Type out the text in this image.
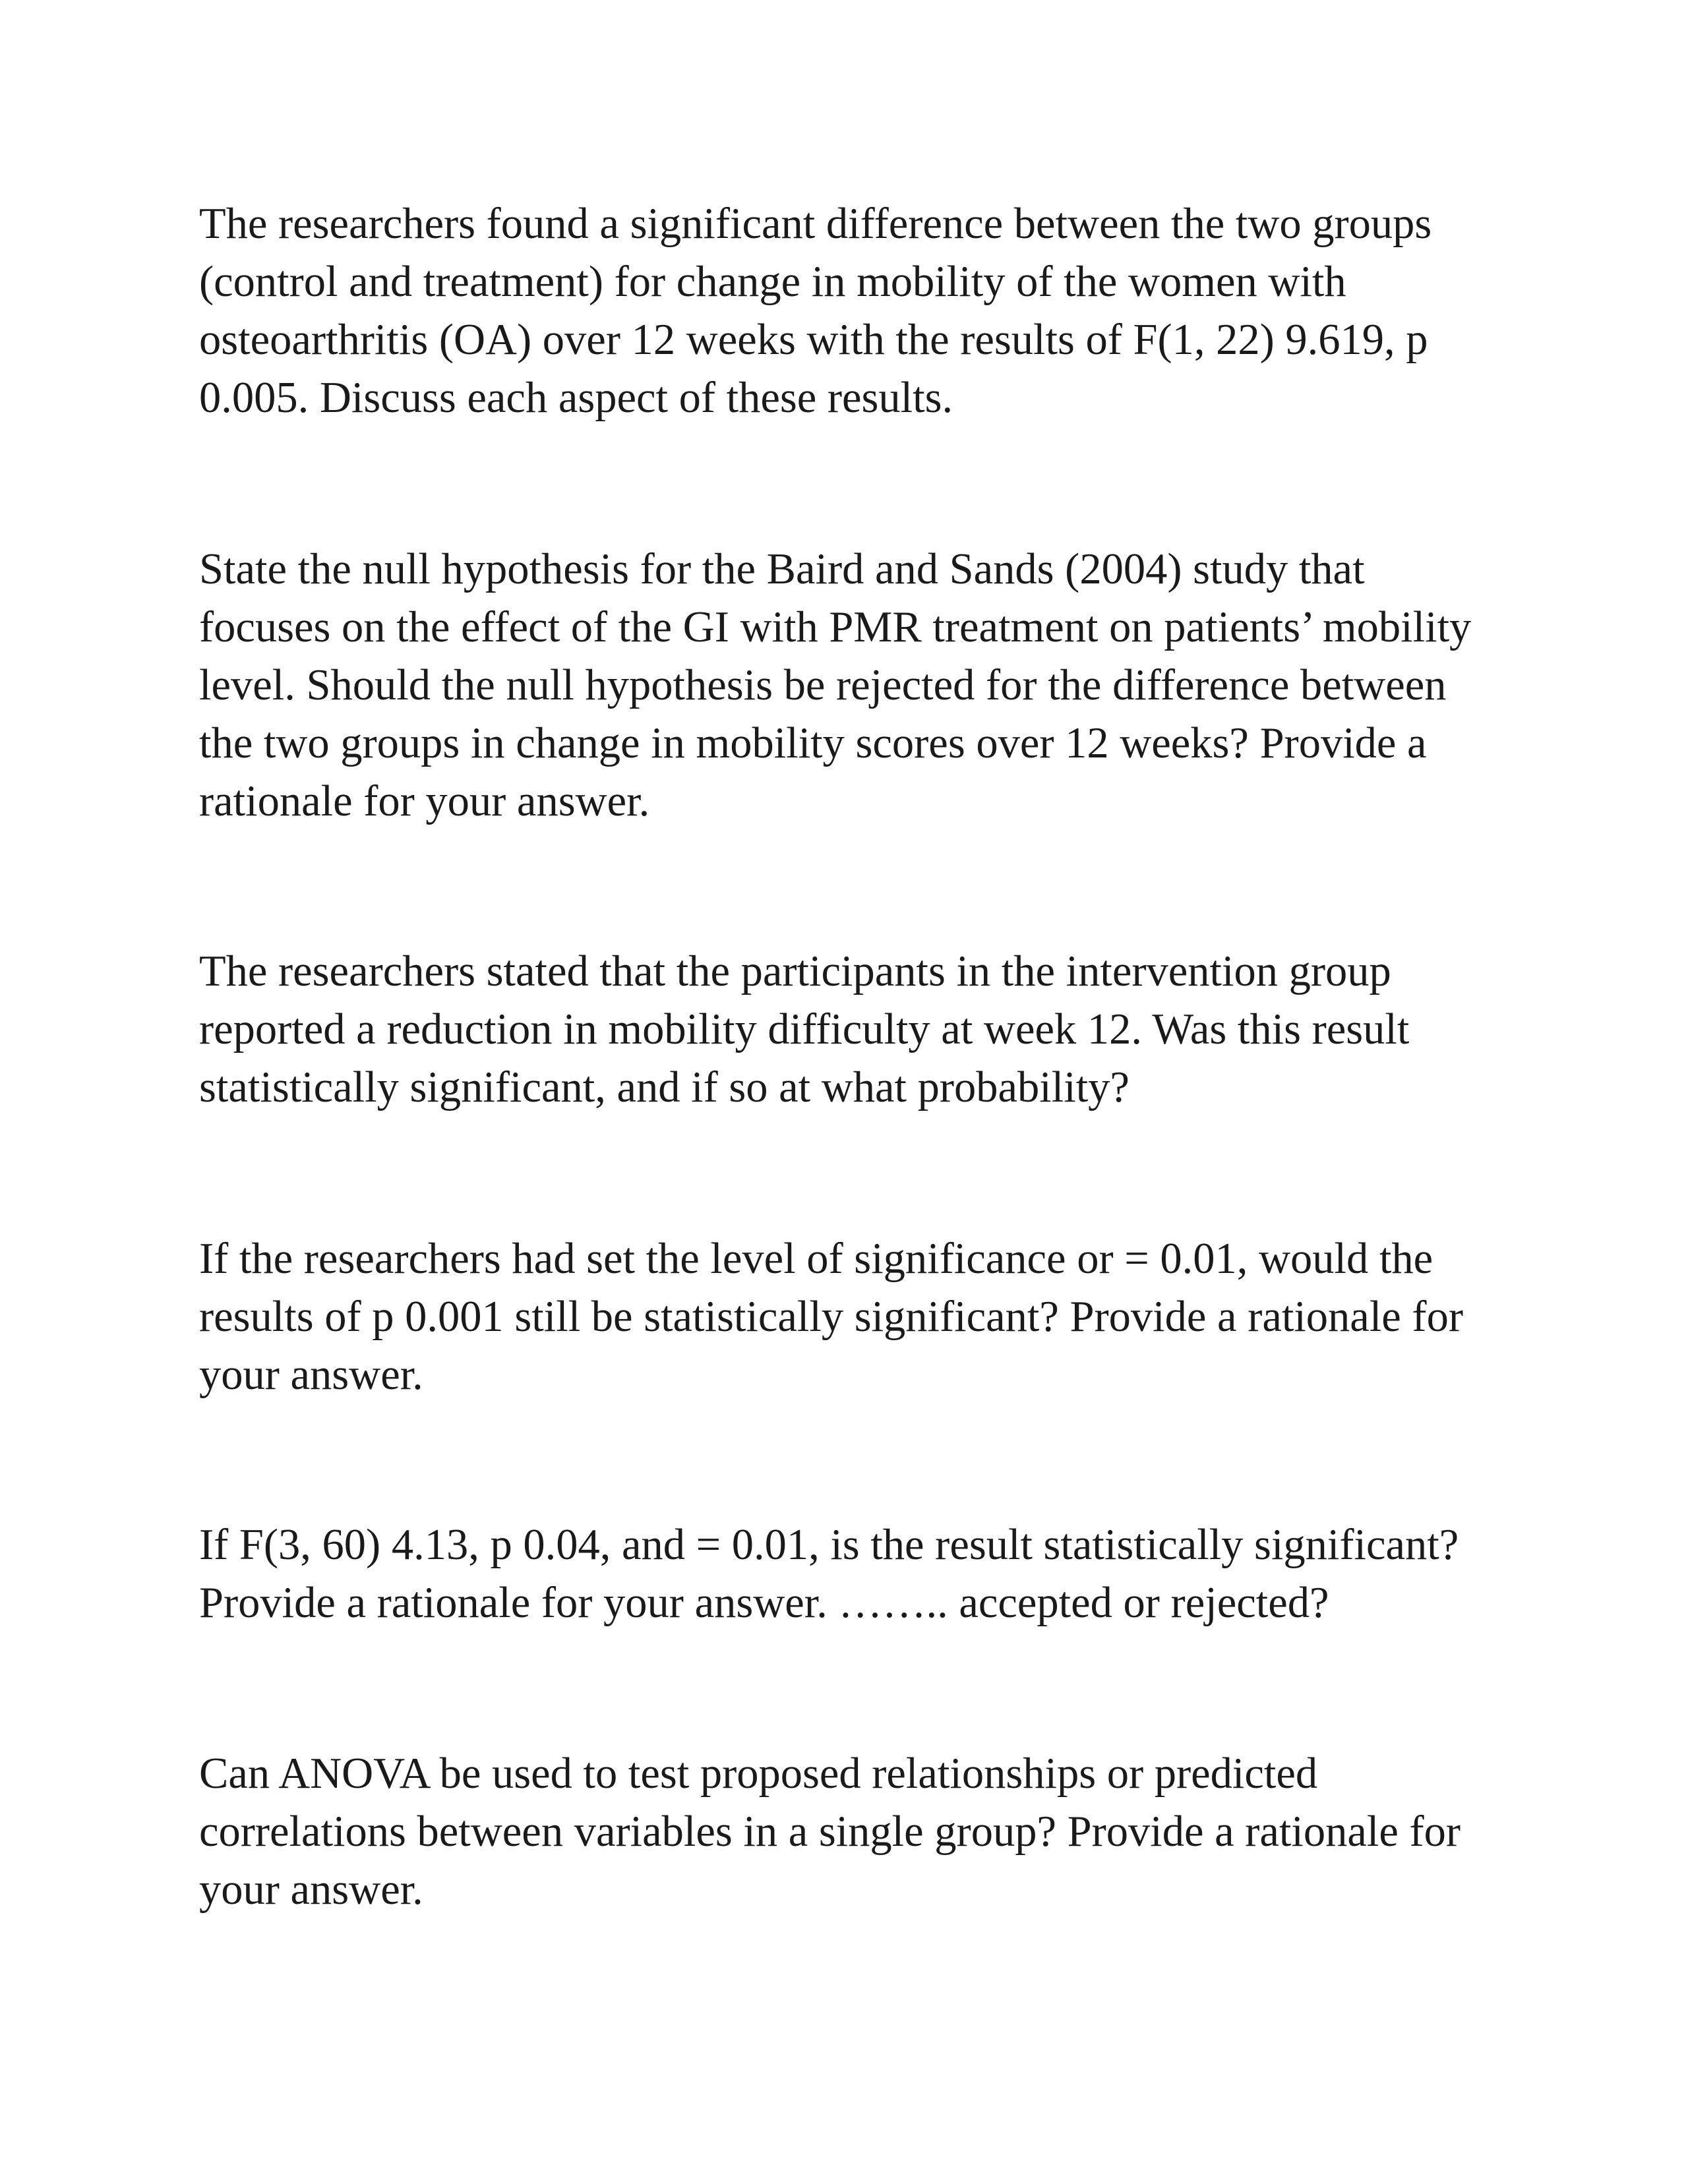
The researchers found a significant difference between the two groups
(control and treatment) for change in mobility of the women with
osteoarthritis (OA) over 12 weeks with the results of F(1, 22) 9.619, p
0.005. Discuss each aspect of these results.
State the null hypothesis for the Baird and Sands (2004) study that
focuses on the effect of the GI with PMR treatment on patients’ mobility
level. Should the null hypothesis be rejected for the difference between
the two groups in change in mobility scores over 12 weeks? Provide a
rationale for your answer.
The researchers stated that the participants in the intervention group
reported a reduction in mobility difficulty at week 12. Was this result
statistically significant, and if so at what probability?
If the researchers had set the level of significance or = 0.01, would the
results of p 0.001 still be statistically significant? Provide a rationale for
your answer.
If F(3, 60) 4.13, p 0.04, and = 0.01, is the result statistically significant?
Provide a rationale for your answer. …….. accepted or rejected?
Can ANOVA be used to test proposed relationships or predicted
correlations between variables in a single group? Provide a rationale for
your answer.
